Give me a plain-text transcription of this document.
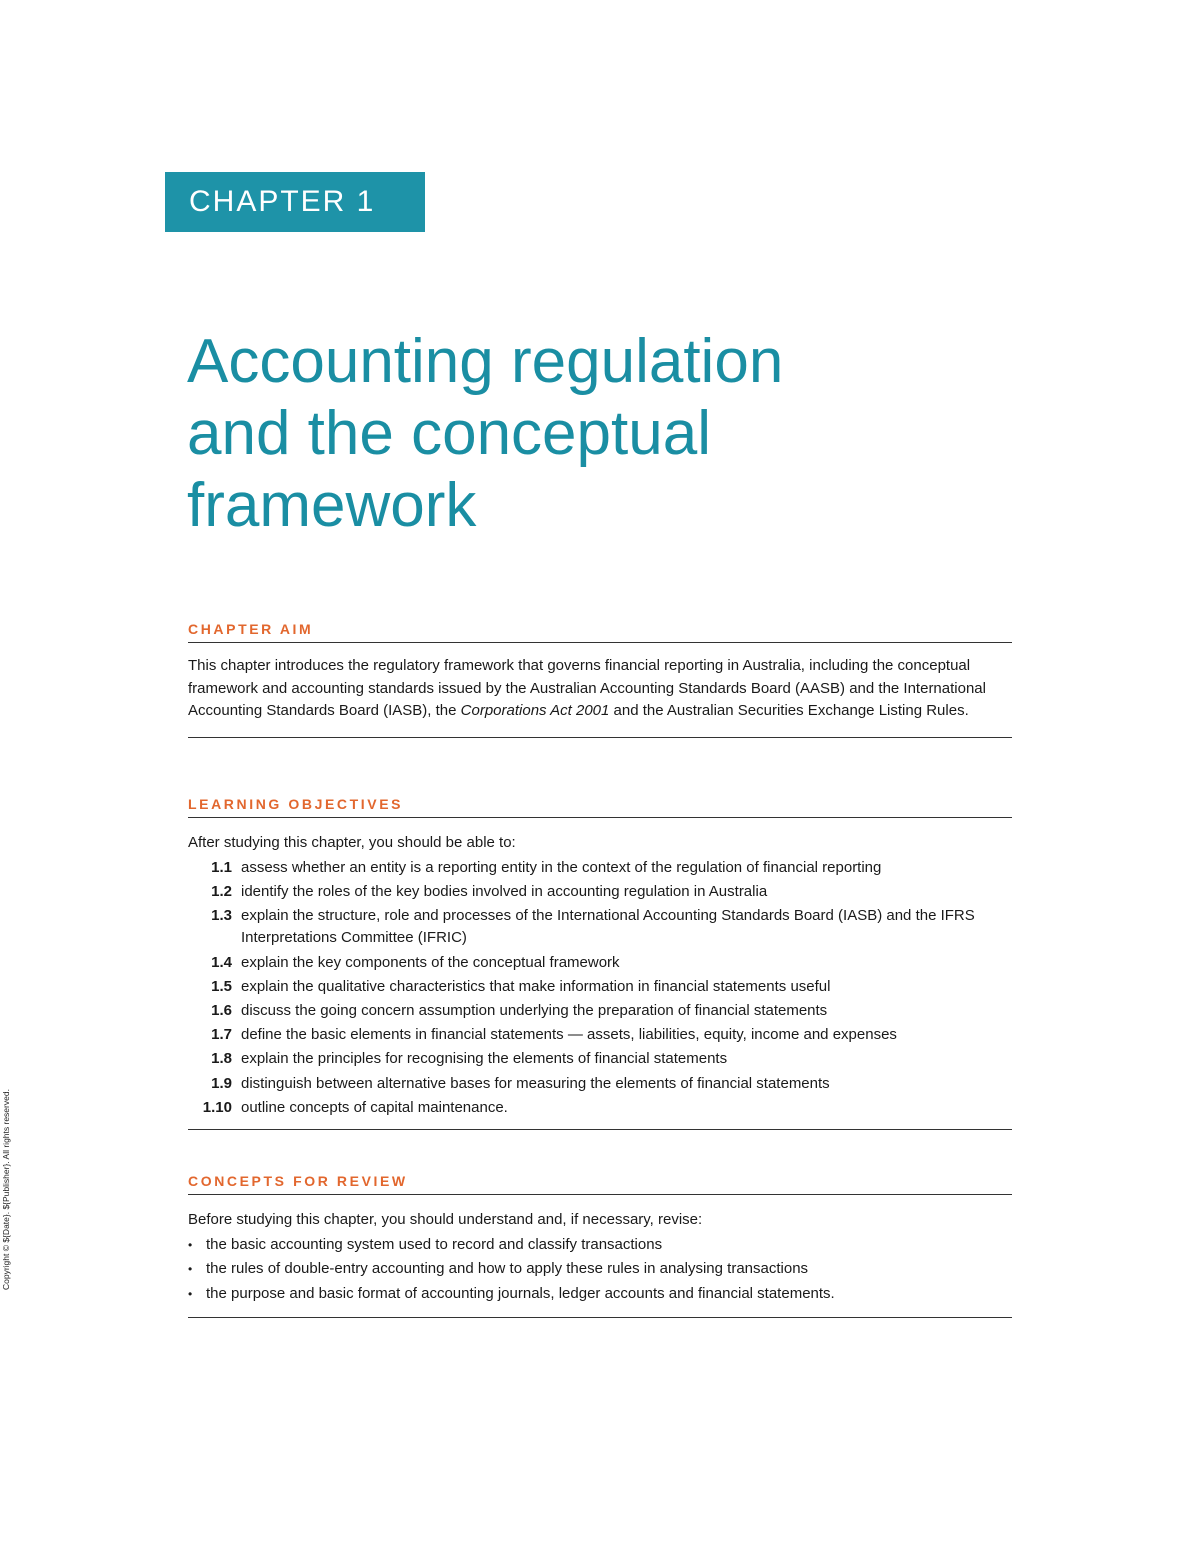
CHAPTER 1
Accounting regulation
and the conceptual
framework
CHAPTER AIM

This chapter introduces the regulatory framework that governs financial reporting in Australia, including the conceptual framework and accounting standards issued by the Australian Accounting Standards Board (AASB) and the International Accounting Standards Board (IASB), the Corporations Act 2001 and the Australian Securities Exchange Listing Rules.

LEARNING OBJECTIVES

After studying this chapter, you should be able to:

1.1 assess whether an entity is a reporting entity in the context of the regulation of financial reporting
1.2 identify the roles of the key bodies involved in accounting regulation in Australia
1.3 explain the structure, role and processes of the International Accounting Standards Board (IASB) and the IFRS Interpretations Committee (IFRIC)
1.4 explain the key components of the conceptual framework
1.5 explain the qualitative characteristics that make information in financial statements useful
1.6 discuss the going concern assumption underlying the preparation of financial statements
1.7 define the basic elements in financial statements — assets, liabilities, equity, income and expenses
1.8 explain the principles for recognising the elements of financial statements
1.9 distinguish between alternative bases for measuring the elements of financial statements
1.10 outline concepts of capital maintenance.
CONCEPTS FOR REVIEW

Before studying this chapter, you should understand and, if necessary, revise:

• the basic accounting system used to record and classify transactions
• the rules of double-entry accounting and how to apply these rules in analysing transactions
• the purpose and basic format of accounting journals, ledger accounts and financial statements.
Copyright © ${Date}. ${Publisher}. All rights reserved.
